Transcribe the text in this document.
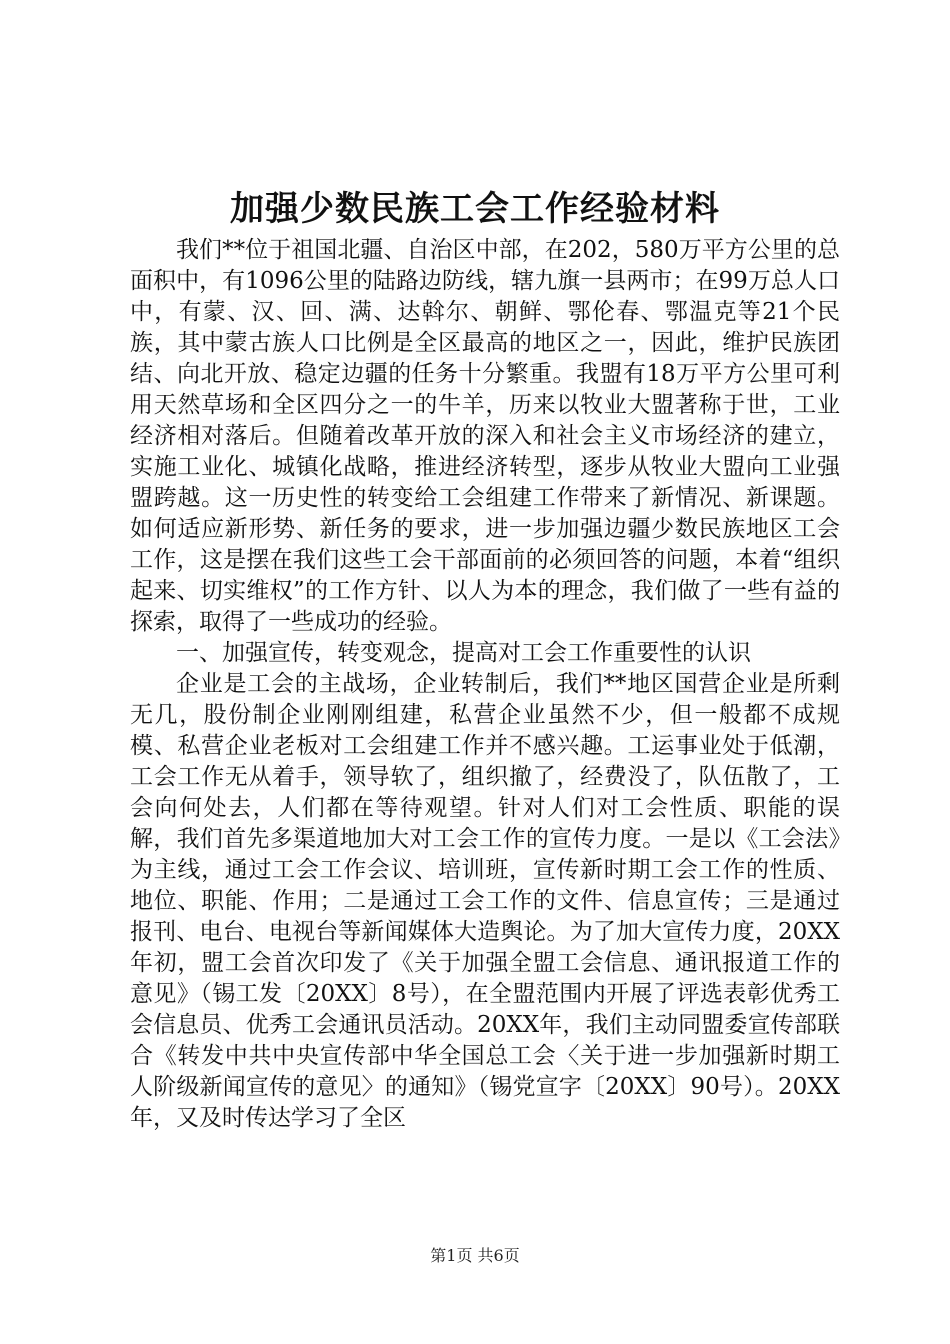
加强少数民族工会工作经验材料

我们**位于祖国北疆、自治区中部，在202，580万平方公里的总面积中，有1096公里的陆路边防线，辖九旗一县两市；在99万总人口中，有蒙、汉、回、满、达斡尔、朝鲜、鄂伦春、鄂温克等21个民族，其中蒙古族人口比例是全区最高的地区之一，因此，维护民族团结、向北开放、稳定边疆的任务十分繁重。我盟有18万平方公里可利用天然草场和全区四分之一的牛羊，历来以牧业大盟著称于世，工业经济相对落后。但随着改革开放的深入和社会主义市场经济的建立，实施工业化、城镇化战略，推进经济转型，逐步从牧业大盟向工业强盟跨越。这一历史性的转变给工会组建工作带来了新情况、新课题。如何适应新形势、新任务的要求，进一步加强边疆少数民族地区工会工作，这是摆在我们这些工会干部面前的必须回答的问题，本着“组织起来、切实维权”的工作方针、以人为本的理念，我们做了一些有益的探索，取得了一些成功的经验。

一、加强宣传，转变观念，提高对工会工作重要性的认识

企业是工会的主战场，企业转制后，我们**地区国营企业是所剩无几，股份制企业刚刚组建，私营企业虽然不少，但一般都不成规模、私营企业老板对工会组建工作并不感兴趣。工运事业处于低潮，工会工作无从着手，领导软了，组织撤了，经费没了，队伍散了，工会向何处去，人们都在等待观望。针对人们对工会性质、职能的误解，我们首先多渠道地加大对工会工作的宣传力度。一是以《工会法》为主线，通过工会工作会议、培训班，宣传新时期工会工作的性质、地位、职能、作用；二是通过工会工作的文件、信息宣传；三是通过报刊、电台、电视台等新闻媒体大造舆论。为了加大宣传力度，20XX年初，盟工会首次印发了《关于加强全盟工会信息、通讯报道工作的意见》（锡工发〔20XX〕8号），在全盟范围内开展了评选表彰优秀工会信息员、优秀工会通讯员活动。20XX年，我们主动同盟委宣传部联合《转发中共中央宣传部中华全国总工会〈关于进一步加强新时期工人阶级新闻宣传的意见〉的通知》（锡党宣字〔20XX〕90号）。20XX年，又及时传达学习了全区

第1页 共6页
